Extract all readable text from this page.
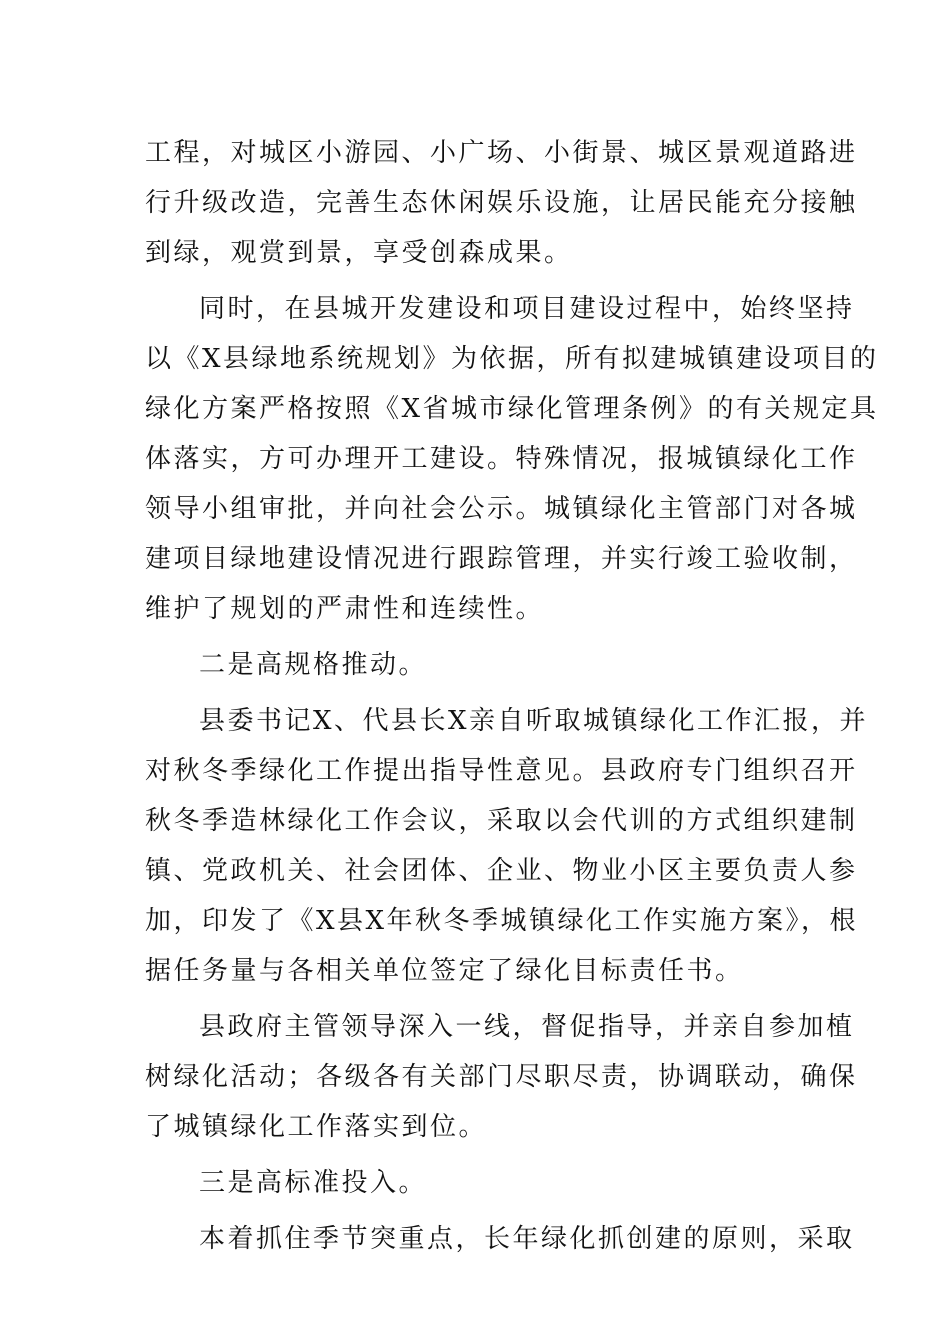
工程，对城区小游园、小广场、小街景、城区景观道路进
行升级改造，完善生态休闲娱乐设施，让居民能充分接触
到绿，观赏到景，享受创森成果。
同时，在县城开发建设和项目建设过程中，始终坚持
以《X县绿地系统规划》为依据，所有拟建城镇建设项目的
绿化方案严格按照《X省城市绿化管理条例》的有关规定具
体落实，方可办理开工建设。特殊情况，报城镇绿化工作
领导小组审批，并向社会公示。城镇绿化主管部门对各城
建项目绿地建设情况进行跟踪管理，并实行竣工验收制，
维护了规划的严肃性和连续性。
二是高规格推动。
县委书记X、代县长X亲自听取城镇绿化工作汇报，并
对秋冬季绿化工作提出指导性意见。县政府专门组织召开
秋冬季造林绿化工作会议，采取以会代训的方式组织建制
镇、党政机关、社会团体、企业、物业小区主要负责人参
加，印发了《X县X年秋冬季城镇绿化工作实施方案》，根
据任务量与各相关单位签定了绿化目标责任书。
县政府主管领导深入一线，督促指导，并亲自参加植
树绿化活动；各级各有关部门尽职尽责，协调联动，确保
了城镇绿化工作落实到位。
三是高标准投入。
本着抓住季节突重点，长年绿化抓创建的原则，采取
